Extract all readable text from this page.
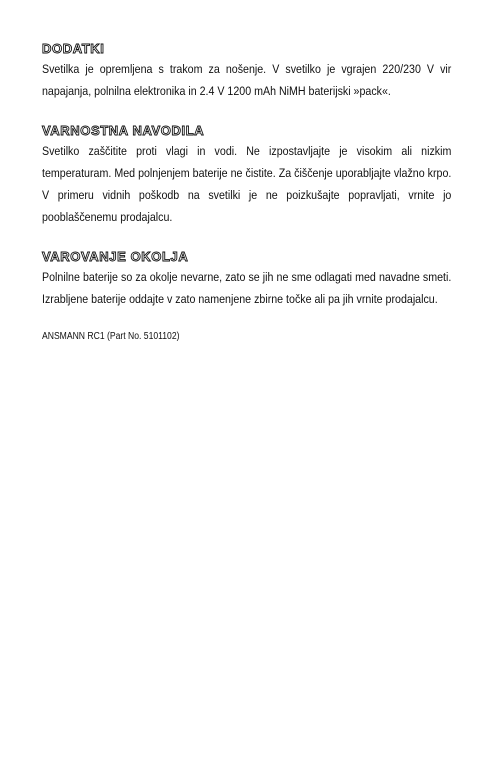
DODATKI

Svetilka je opremljena s trakom za nošenje. V svetilko je vgrajen 220/230 V vir napajanja, polnilna elektronika in 2.4 V 1200 mAh NiMH baterijski »pack«.

VARNOSTNA NAVODILA

Svetilko zaščitite proti vlagi in vodi. Ne izpostavljajte je visokim ali nizkim temperaturam. Med polnjenjem baterije ne čistite. Za čiščenje uporabljajte vlažno krpo. V primeru vidnih poškodb na svetilki je ne poizkušajte popravljati, vrnite jo pooblaščenemu prodajalcu.

VAROVANJE OKOLJA

Polnilne baterije so za okolje nevarne, zato se jih ne sme odlagati med navadne smeti. Izrabljene baterije oddajte v zato namenjene zbirne točke ali pa jih vrnite prodajalcu.

ANSMANN RC1 (Part No. 5101102)
